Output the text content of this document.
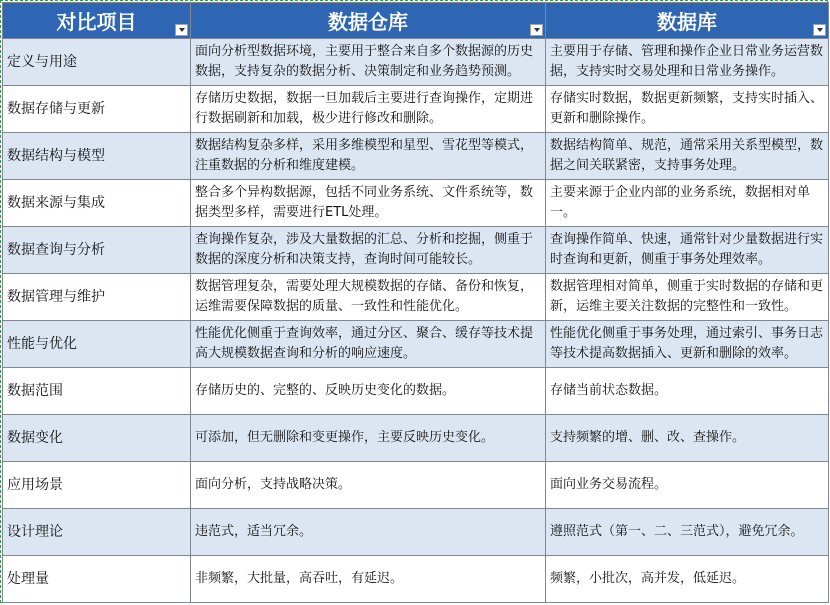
对比项目	数据仓库	数据库

定义与用途	面向分析型数据环境，主要用于整合来自多个数据源的历史数据，支持复杂的数据分析、决策制定和业务趋势预测。	主要用于存储、管理和操作企业日常业务运营数据，支持实时交易处理和日常业务操作。

数据存储与更新	存储历史数据，数据一旦加载后主要进行查询操作，定期进行数据刷新和加载，极少进行修改和删除。	存储实时数据，数据更新频繁，支持实时插入、更新和删除操作。

数据结构与模型	数据结构复杂多样，采用多维模型和星型、雪花型等模式，注重数据的分析和维度建模。	数据结构简单、规范，通常采用关系型模型，数据之间关联紧密，支持事务处理。

数据来源与集成	整合多个异构数据源，包括不同业务系统、文件系统等，数据类型多样，需要进行ETL处理。	主要来源于企业内部的业务系统，数据相对单一。

数据查询与分析	查询操作复杂，涉及大量数据的汇总、分析和挖掘，侧重于数据的深度分析和决策支持，查询时间可能较长。	查询操作简单、快速，通常针对少量数据进行实时查询和更新，侧重于事务处理效率。

数据管理与维护	数据管理复杂，需要处理大规模数据的存储、备份和恢复，运维需要保障数据的质量、一致性和性能优化。	数据管理相对简单，侧重于实时数据的存储和更新，运维主要关注数据的完整性和一致性。

性能与优化	性能优化侧重于查询效率，通过分区、聚合、缓存等技术提高大规模数据查询和分析的响应速度。	性能优化侧重于事务处理，通过索引、事务日志等技术提高数据插入、更新和删除的效率。

数据范围	存储历史的、完整的、反映历史变化的数据。	存储当前状态数据。

数据变化	可添加，但无删除和变更操作，主要反映历史变化。	支持频繁的增、删、改、查操作。

应用场景	面向分析，支持战略决策。	面向业务交易流程。

设计理论	违范式，适当冗余。	遵照范式（第一、二、三范式），避免冗余。

处理量	非频繁，大批量，高吞吐，有延迟。	频繁，小批次，高并发，低延迟。
